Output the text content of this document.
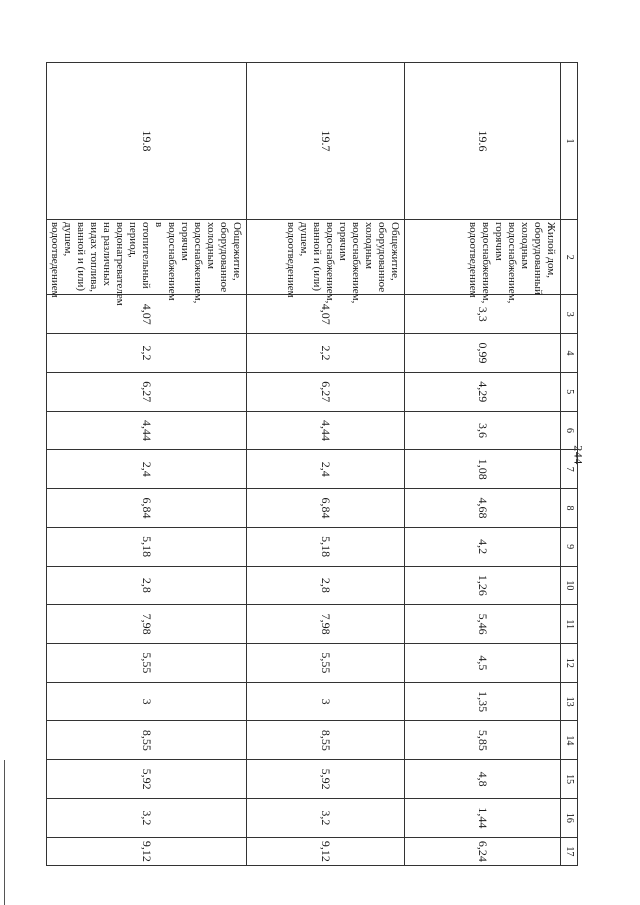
244
1	2	3	4	5	6	7	8	9	10	11	12	13	14	15	16	17
19.6	Жилой дом, оборудованный холодным водоснабжением, горячим водоснабжением, водоотведением	3,3	0,99	4,29	3,6	1,08	4,68	4,2	1,26	5,46	4,5	1,35	5,85	4,8	1,44	6,24
19.7	Общежитие, оборудованное холодным водоснабжением, горячим водоснабжением, ванной и (или) душем, водоотведением	4,07	2,2	6,27	4,44	2,4	6,84	5,18	2,8	7,98	5,55	3	8,55	5,92	3,2	9,12
19.8	Общежитие, оборудованное холодным водоснабжением, горячим водоснабжением в отопительный период, водонагревателем на различных видах топлива, ванной и (или) душем, водоотведением	4,07	2,2	6,27	4,44	2,4	6,84	5,18	2,8	7,98	5,55	3	8,55	5,92	3,2	9,12
